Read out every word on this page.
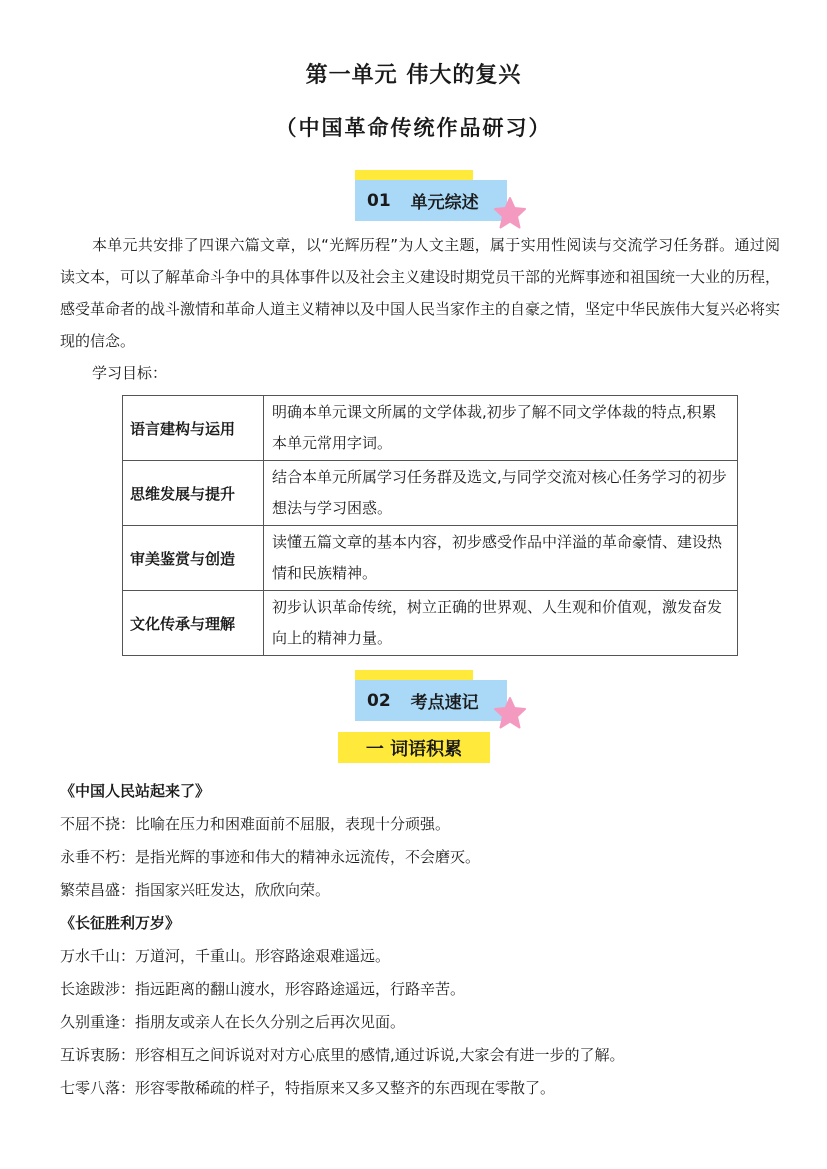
第一单元 伟大的复兴
（中国革命传统作品研习）
01 单元综述

本单元共安排了四课六篇文章，以“光辉历程”为人文主题，属于实用性阅读与交流学习任务群。通过阅读文本，可以了解革命斗争中的具体事件以及社会主义建设时期党员干部的光辉事迹和祖国统一大业的历程，感受革命者的战斗激情和革命人道主义精神以及中国人民当家作主的自豪之情，坚定中华民族伟大复兴必将实现的信念。

学习目标：
语言建构与运用	明确本单元课文所属的文学体裁,初步了解不同文学体裁的特点,积累本单元常用字词。
思维发展与提升	结合本单元所属学习任务群及选文,与同学交流对核心任务学习的初步想法与学习困惑。
审美鉴赏与创造	读懂五篇文章的基本内容，初步感受作品中洋溢的革命豪情、建设热情和民族精神。
文化传承与理解	初步认识革命传统，树立正确的世界观、人生观和价值观，激发奋发向上的精神力量。
02 考点速记
一 词语积累
《中国人民站起来了》
不屈不挠：比喻在压力和困难面前不屈服，表现十分顽强。
永垂不朽：是指光辉的事迹和伟大的精神永远流传，不会磨灭。
繁荣昌盛：指国家兴旺发达，欣欣向荣。
《长征胜利万岁》
万水千山：万道河，千重山。形容路途艰难遥远。
长途跋涉：指远距离的翻山渡水，形容路途遥远，行路辛苦。
久别重逢：指朋友或亲人在长久分别之后再次见面。
互诉衷肠：形容相互之间诉说对对方心底里的感情,通过诉说,大家会有进一步的了解。
七零八落：形容零散稀疏的样子，特指原来又多又整齐的东西现在零散了。
